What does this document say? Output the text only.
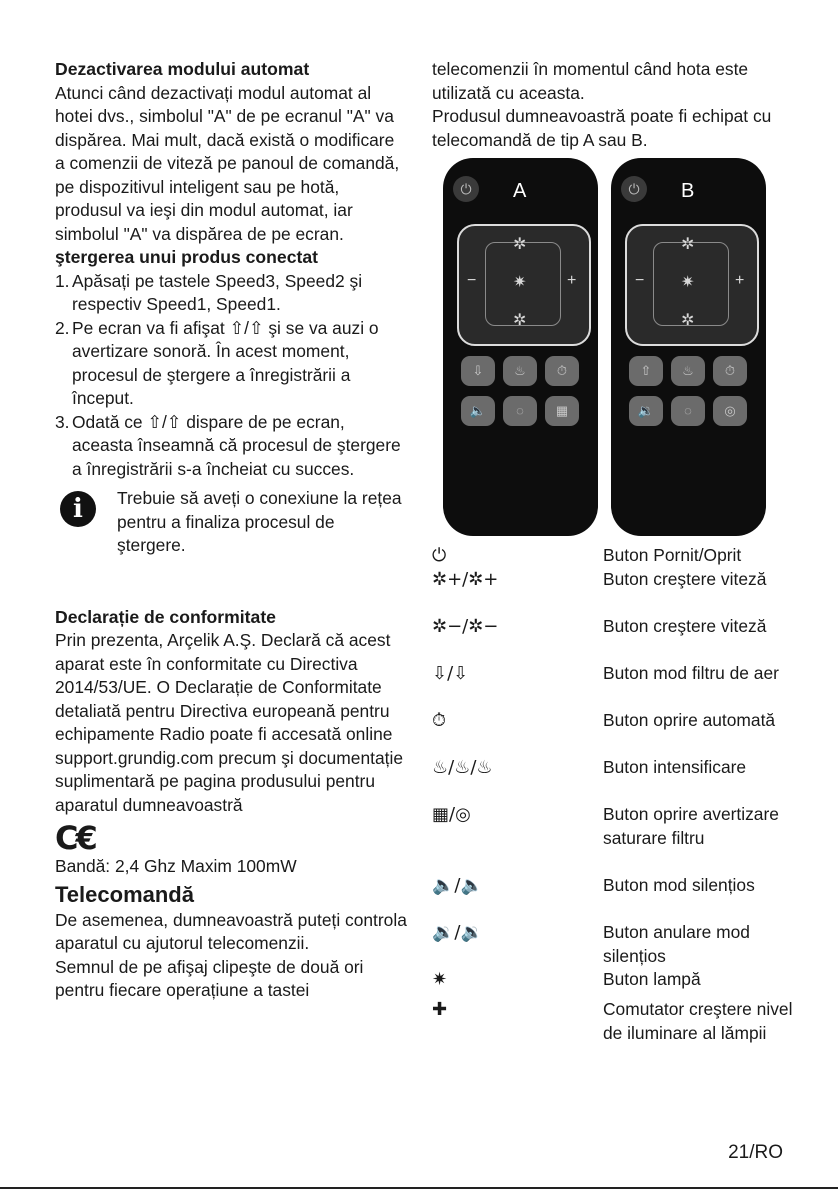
Dezactivarea modului automat

Atunci când dezactivați modul automat al hotei dvs., simbolul "A" de pe ecranul "A" va dispărea. Mai mult, dacă există o modificare a comenzii de viteză pe panoul de comandă, pe dispozitivul inteligent sau pe hotă, produsul va ieşi din modul automat, iar simbolul "A" va dispărea de pe ecran.

ştergerea unui produs conectat
1. Apăsați pe tastele Speed3, Speed2 şi respectiv Speed1, Speed1.
2. Pe ecran va fi afişat ⇧/⇧ şi se va auzi o avertizare sonoră. În acest moment, procesul de ştergere a înregistrării a început.
3. Odată ce ⇧/⇧ dispare de pe ecran, aceasta înseamnă că procesul de ştergere a înregistrării s-a încheiat cu succes.
i	Trebuie să aveți o conexiune la rețea pentru a finaliza procesul de ştergere.
Declarație de conformitate

Prin prezenta, Arçelik A.Ş. Declară că acest aparat este în conformitate cu Directiva 2014/53/UE. O Declarație de Conformitate detaliată pentru Directiva europeană pentru echipamente Radio poate fi accesată online support.grundig.com precum şi documentație suplimentară pe pagina produsului pentru aparatul dumneavoastră

C€

Bandă: 2,4 Ghz Maxim 100mW

Telecomandă

De asemenea, dumneavoastră puteți controla aparatul cu ajutorul telecomenzii.

Semnul de pe afişaj clipeşte de două ori pentru fiecare operațiune a tastei

telecomenzii în momentul când hota este utilizată cu aceasta.

Produsul dumneavoastră poate fi echipat cu telecomandă de tip A sau B.

⏻	A
✲
✷
✲
−	+
⇩	♨	⏱
🔈	◌	▦
⏻	B
✲
✷
✲
−	+
⇧	♨	⏱
🔉	◌	◎
⏻	Buton Pornit/Oprit
✲+/✲+	Buton creştere viteză
✲−/✲−	Buton creştere viteză
⇩/⇩	Buton mod filtru de aer
⏱	Buton oprire automată
♨/♨/♨	Buton intensificare
▦/◎	Buton oprire avertizare saturare filtru
🔈/🔈	Buton mod silențios
🔉/🔉	Buton anulare mod silențios
✷	Buton lampă
✚	Comutator creştere nivel de iluminare al lămpii
21/RO
